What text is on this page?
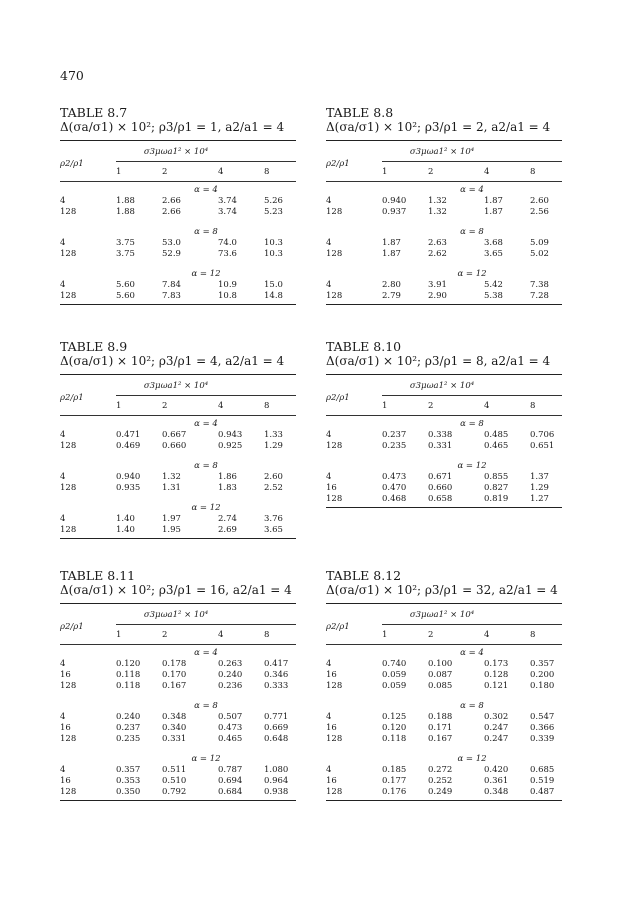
470
TABLE 8.7
Δ(σa/σ1) × 10²; ρ3/ρ1 = 1, a2/a1 = 4
ρ2/ρ1
σ3μωa1² × 10⁴
1	2	4	8
α = 4
4	1.88	2.66	3.74	5.26
128	1.88	2.66	3.74	5.23
α = 8
4	3.75	53.0	74.0	10.3
128	3.75	52.9	73.6	10.3
α = 12
4	5.60	7.84	10.9	15.0
128	5.60	7.83	10.8	14.8
TABLE 8.8
Δ(σa/σ1) × 10²; ρ3/ρ1 = 2, a2/a1 = 4
ρ2/ρ1
σ3μωa1² × 10⁴
1	2	4	8
α = 4
4	0.940	1.32	1.87	2.60
128	0.937	1.32	1.87	2.56
α = 8
4	1.87	2.63	3.68	5.09
128	1.87	2.62	3.65	5.02
α = 12
4	2.80	3.91	5.42	7.38
128	2.79	2.90	5.38	7.28
TABLE 8.9
Δ(σa/σ1) × 10²; ρ3/ρ1 = 4, a2/a1 = 4
ρ2/ρ1
σ3μωa1² × 10⁴
1	2	4	8
α = 4
4	0.471	0.667	0.943	1.33
128	0.469	0.660	0.925	1.29
α = 8
4	0.940	1.32	1.86	2.60
128	0.935	1.31	1.83	2.52
α = 12
4	1.40	1.97	2.74	3.76
128	1.40	1.95	2.69	3.65
TABLE 8.10
Δ(σa/σ1) × 10²; ρ3/ρ1 = 8, a2/a1 = 4
ρ2/ρ1
σ3μωa1² × 10⁴
1	2	4	8
α = 8
4	0.237	0.338	0.485	0.706
128	0.235	0.331	0.465	0.651
α = 12
4	0.473	0.671	0.855	1.37
16	0.470	0.660	0.827	1.29
128	0.468	0.658	0.819	1.27
TABLE 8.11
Δ(σa/σ1) × 10²; ρ3/ρ1 = 16, a2/a1 = 4
ρ2/ρ1
σ3μωa1² × 10⁴
1	2	4	8
α = 4
4	0.120	0.178	0.263	0.417
16	0.118	0.170	0.240	0.346
128	0.118	0.167	0.236	0.333
α = 8
4	0.240	0.348	0.507	0.771
16	0.237	0.340	0.473	0.669
128	0.235	0.331	0.465	0.648
α = 12
4	0.357	0.511	0.787	1.080
16	0.353	0.510	0.694	0.964
128	0.350	0.792	0.684	0.938
TABLE 8.12
Δ(σa/σ1) × 10²; ρ3/ρ1 = 32, a2/a1 = 4
ρ2/ρ1
σ3μωa1² × 10⁴
1	2	4	8
α = 4
4	0.740	0.100	0.173	0.357
16	0.059	0.087	0.128	0.200
128	0.059	0.085	0.121	0.180
α = 8
4	0.125	0.188	0.302	0.547
16	0.120	0.171	0.247	0.366
128	0.118	0.167	0.247	0.339
α = 12
4	0.185	0.272	0.420	0.685
16	0.177	0.252	0.361	0.519
128	0.176	0.249	0.348	0.487
